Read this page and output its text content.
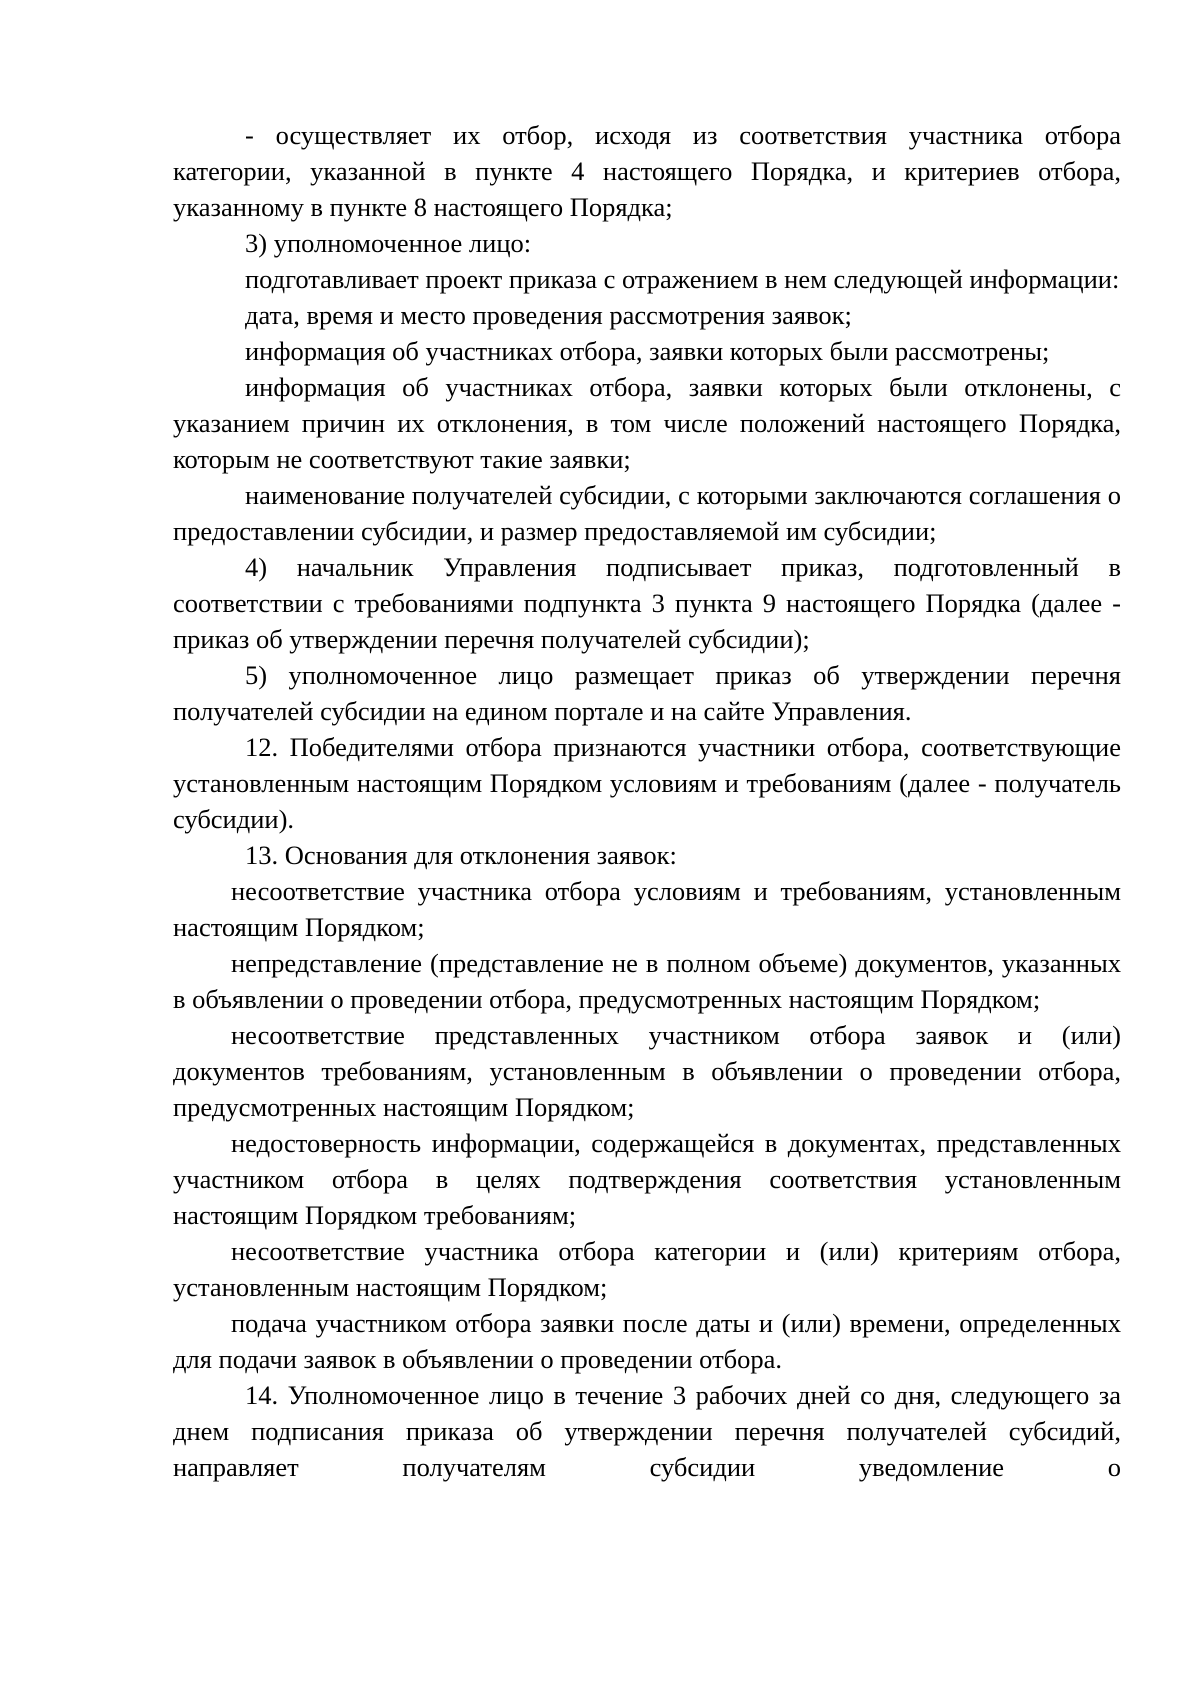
- осуществляет их отбор, исходя из соответствия участника отбора категории, указанной в пункте 4 настоящего Порядка, и критериев отбора, указанному в пункте 8 настоящего Порядка;

3) уполномоченное лицо:

подготавливает проект приказа с отражением в нем следующей информации:

дата, время и место проведения рассмотрения заявок;

информация об участниках отбора, заявки которых были рассмотрены;

информация об участниках отбора, заявки которых были отклонены, с указанием причин их отклонения, в том числе положений настоящего Порядка, которым не соответствуют такие заявки;

наименование получателей субсидии, с которыми заключаются соглашения о предоставлении субсидии, и размер предоставляемой им субсидии;

4) начальник Управления подписывает приказ, подготовленный в соответствии с требованиями подпункта 3 пункта 9 настоящего Порядка (далее - приказ об утверждении перечня получателей субсидии);

5) уполномоченное лицо размещает приказ об утверждении перечня получателей субсидии на едином портале и на сайте Управления.

12. Победителями отбора признаются участники отбора, соответствующие установленным настоящим Порядком условиям и требованиям (далее - получатель субсидии).

13. Основания для отклонения заявок:

несоответствие участника отбора условиям и требованиям, установленным настоящим Порядком;

непредставление (представление не в полном объеме) документов, указанных в объявлении о проведении отбора, предусмотренных настоящим Порядком;

несоответствие представленных участником отбора заявок и (или) документов требованиям, установленным в объявлении о проведении отбора, предусмотренных настоящим Порядком;

недостоверность информации, содержащейся в документах, представленных участником отбора в целях подтверждения соответствия установленным настоящим Порядком требованиям;

несоответствие участника отбора категории и (или) критериям отбора, установленным настоящим Порядком;

подача участником отбора заявки после даты и (или) времени, определенных для подачи заявок в объявлении о проведении отбора.

14. Уполномоченное лицо в течение 3 рабочих дней со дня, следующего за днем подписания приказа об утверждении перечня получателей субсидий, направляет получателям субсидии уведомление о
